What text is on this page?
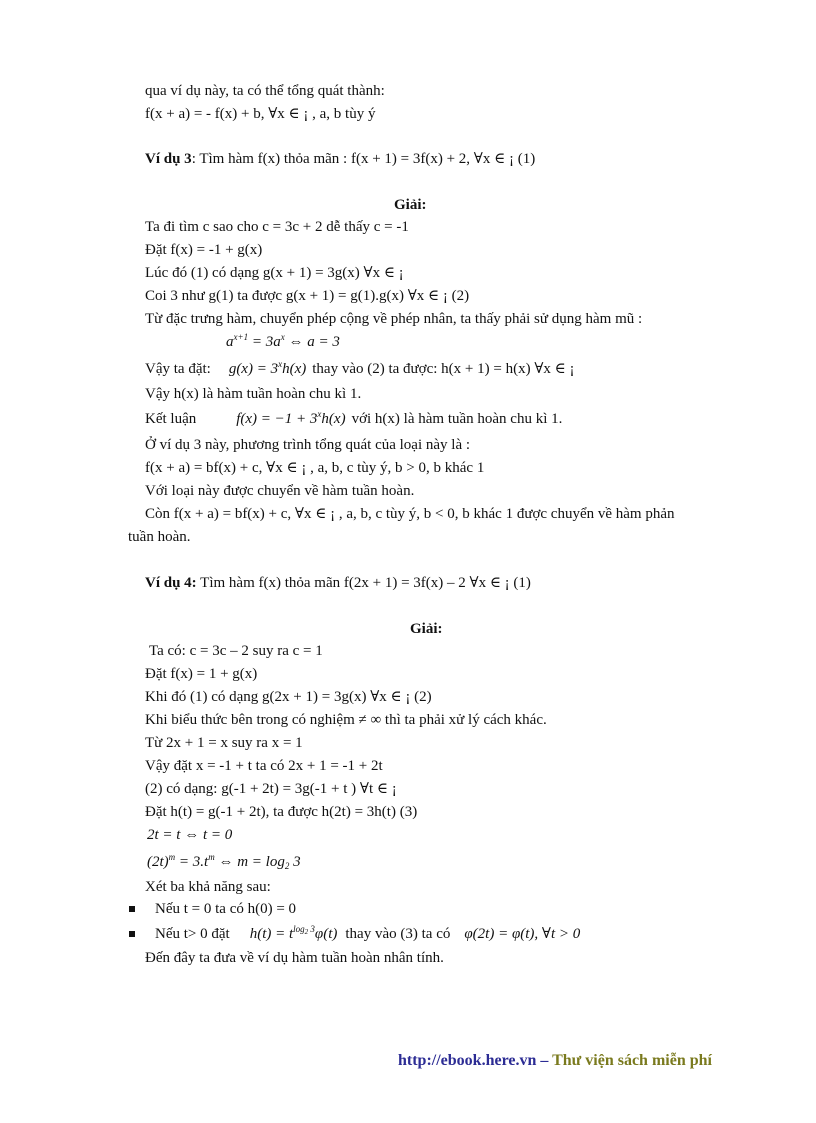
qua ví dụ này, ta có thể tổng quát thành:
f(x + a) = - f(x) + b, ∀x ∈ ¡ , a, b tùy ý
Ví dụ 3: Tìm hàm f(x) thỏa mãn : f(x + 1) = 3f(x) + 2, ∀x ∈ ¡ (1)
Giải:
Ta đi tìm c sao cho c = 3c + 2 dễ thấy c = -1
Đặt f(x) = -1 + g(x)
Lúc đó (1) có dạng g(x + 1) = 3g(x) ∀x ∈ ¡
Coi 3 như g(1) ta được g(x + 1) = g(1).g(x) ∀x ∈ ¡ (2)
Từ đặc trưng hàm, chuyển phép cộng về phép nhân, ta thấy phải sử dụng hàm mũ :
$a^{x+1} = 3a^x$ ⇔ a = 3
Vậy ta đặt: $g(x) = 3^xh(x)$ thay vào (2) ta được: h(x + 1) = h(x) ∀x ∈ ¡
Vậy h(x) là hàm tuần hoàn chu kì 1.
Kết luận	$f(x) = -1 + 3^xh(x)$ với h(x) là hàm tuần hoàn chu kì 1.
Ở ví dụ 3 này, phương trình tổng quát của loại này là :
f(x + a) = bf(x) + c, ∀x ∈ ¡ , a, b, c tùy ý, b > 0, b khác 1
Với loại này được chuyển về hàm tuần hoàn.
Còn f(x + a) = bf(x) + c, ∀x ∈ ¡ , a, b, c tùy ý, b < 0, b khác 1 được chuyển về hàm phản
tuần hoàn.
Ví dụ 4: Tìm hàm f(x) thỏa mãn f(2x + 1) = 3f(x) – 2 ∀x ∈ ¡ (1)
Giải:
Ta có: c = 3c – 2 suy ra c = 1
Đặt f(x) = 1 + g(x)
Khi đó (1) có dạng g(2x + 1) = 3g(x) ∀x ∈ ¡ (2)
Khi biểu thức bên trong có nghiệm ≠ ∞ thì ta phải xử lý cách khác.
Từ 2x + 1 = x suy ra x = 1
Vậy đặt x = -1 + t ta có 2x + 1 = -1 + 2t
(2) có dạng: g(-1 + 2t) = 3g(-1 + t ) ∀t ∈ ¡
Đặt h(t) = g(-1 + 2t), ta được h(2t) = 3h(t) (3)
2t = t ⇔ t = 0
$(2t)^m = 3.t^m$ ⇔ $m = \log_2 3$
Xét ba khả năng sau:
Nếu t = 0 ta có h(0) = 0
Nếu t> 0 đặt $h(t) = t^{log_2 3}\varphi(t)$ thay vào (3) ta có φ(2t) = φ(t), ∀t > 0
Đến đây ta đưa về ví dụ hàm tuần hoàn nhân tính.
http://ebook.here.vn – Thư viện sách miễn phí
